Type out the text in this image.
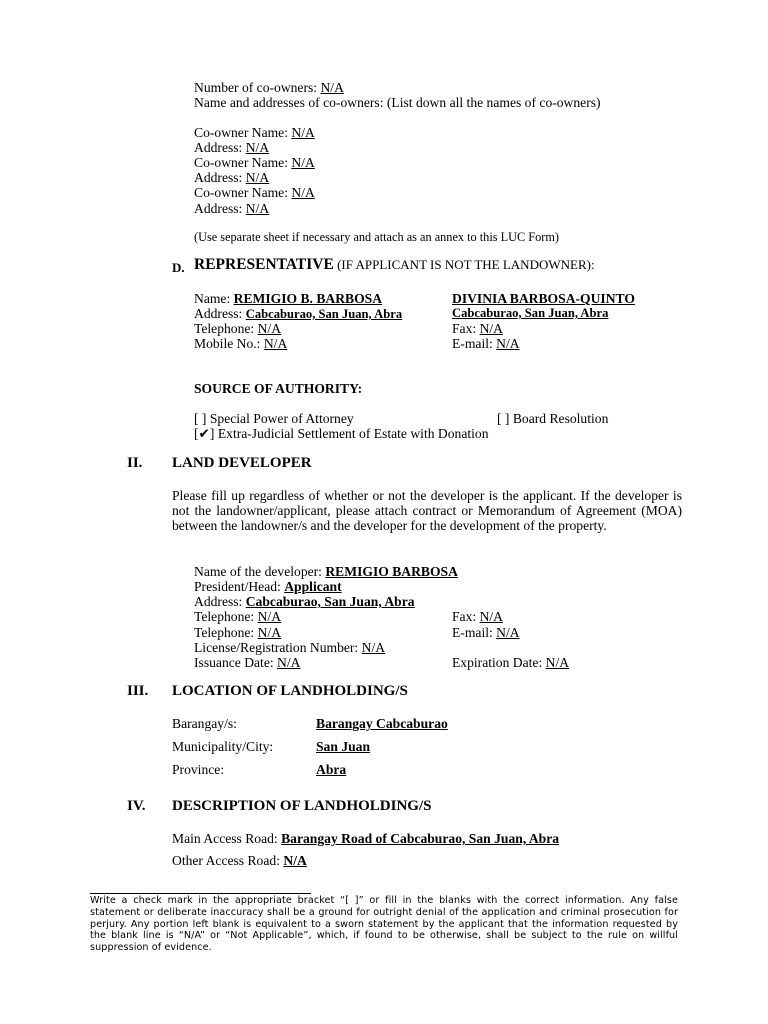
Number of co-owners: N/A
Name and addresses of co-owners: (List down all the names of co-owners)
Co-owner Name: N/A
Address: N/A
Co-owner Name: N/A
Address: N/A
Co-owner Name: N/A
Address: N/A
(Use separate sheet if necessary and attach as an annex to this LUC Form)
D. REPRESENTATIVE (IF APPLICANT IS NOT THE LANDOWNER):
Name: REMIGIO B. BARBOSA	DIVINIA BARBOSA-QUINTO
Address: Cabcaburao, San Juan, Abra	Cabcaburao, San Juan, Abra
Telephone: N/A	Fax: N/A
Mobile No.: N/A	E-mail: N/A
SOURCE OF AUTHORITY:
[ ] Special Power of Attorney	[ ] Board Resolution
[✔] Extra-Judicial Settlement of Estate with Donation
II. LAND DEVELOPER
Please fill up regardless of whether or not the developer is the applicant. If the developer is not the landowner/applicant, please attach contract or Memorandum of Agreement (MOA) between the landowner/s and the developer for the development of the property.
Name of the developer: REMIGIO BARBOSA
President/Head: Applicant
Address: Cabcaburao, San Juan, Abra
Telephone: N/A	Fax: N/A
Telephone: N/A	E-mail: N/A
License/Registration Number: N/A
Issuance Date: N/A	Expiration Date: N/A
III. LOCATION OF LANDHOLDING/S
Barangay/s:	Barangay Cabcaburao
Municipality/City:	San Juan
Province:	Abra
IV. DESCRIPTION OF LANDHOLDING/S
Main Access Road: Barangay Road of Cabcaburao, San Juan, Abra
Other Access Road: N/A
Write a check mark in the appropriate bracket “[ ]” or fill in the blanks with the correct information. Any false statement or deliberate inaccuracy shall be a ground for outright denial of the application and criminal prosecution for perjury. Any portion left blank is equivalent to a sworn statement by the applicant that the information requested by the blank line is “N/A” or “Not Applicable”, which, if found to be otherwise, shall be subject to the rule on willful suppression of evidence.
